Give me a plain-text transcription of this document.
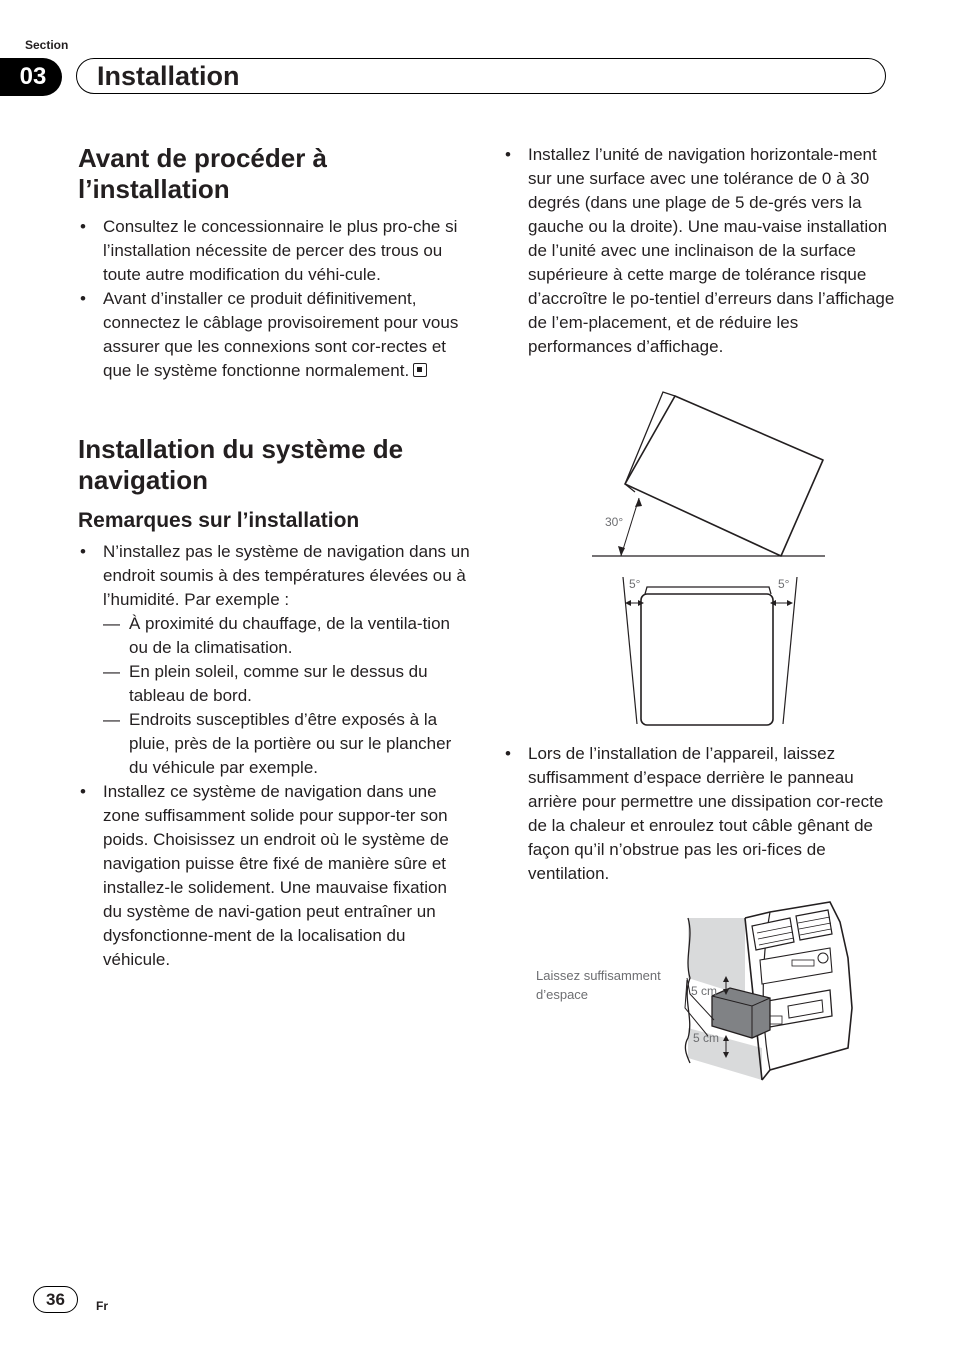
Section
03	Installation
Avant de procéder à l’installation
• Consultez le concessionnaire le plus pro-che si l’installation nécessite de percer des trous ou toute autre modification du véhi-cule.
• Avant d’installer ce produit définitivement, connectez le câblage provisoirement pour vous assurer que les connexions sont cor-rectes et que le système fonctionne normalement.
Installation du système de navigation
Remarques sur l’installation
• N’installez pas le système de navigation dans un endroit soumis à des températures élevées ou à l’humidité. Par exemple :
— À proximité du chauffage, de la ventila-tion ou de la climatisation.
— En plein soleil, comme sur le dessus du tableau de bord.
— Endroits susceptibles d’être exposés à la pluie, près de la portière ou sur le plancher du véhicule par exemple.
• Installez ce système de navigation dans une zone suffisamment solide pour suppor-ter son poids. Choisissez un endroit où le système de navigation puisse être fixé de manière sûre et installez-le solidement. Une mauvaise fixation du système de navi-gation peut entraîner un dysfonctionne-ment de la localisation du véhicule.
• Installez l’unité de navigation horizontale-ment sur une surface avec une tolérance de 0 à 30 degrés (dans une plage de 5 de-grés vers la gauche ou la droite). Une mau-vaise installation de l’unité avec une inclinaison de la surface supérieure à cette marge de tolérance risque d’accroître le po-tentiel d’erreurs dans l’affichage de l’em-placement, et de réduire les performances d’affichage.
30°
5°	5°
• Lors de l’installation de l’appareil, laissez suffisamment d’espace derrière le panneau arrière pour permettre une dissipation cor-recte de la chaleur et enroulez tout câble gênant de façon qu’il n’obstrue pas les ori-fices de ventilation.
Laissez suffisamment
d’espace	5 cm
5 cm
36	Fr
